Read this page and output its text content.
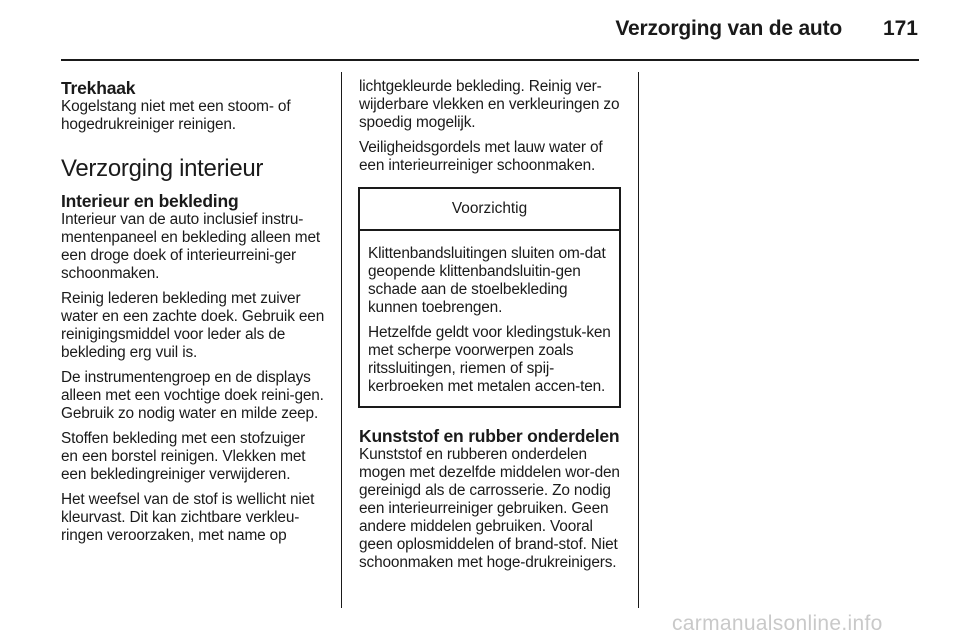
Verzorging van de auto 171
Trekhaak

Kogelstang niet met een stoom- of hogedrukreiniger reinigen.

Verzorging interieur
Interieur en bekleding

Interieur van de auto inclusief instru-mentenpaneel en bekleding alleen met een droge doek of interieurreini-ger schoonmaken.

Reinig lederen bekleding met zuiver water en een zachte doek. Gebruik een reinigingsmiddel voor leder als de bekleding erg vuil is.

De instrumentengroep en de displays alleen met een vochtige doek reini-gen. Gebruik zo nodig water en milde zeep.

Stoffen bekleding met een stofzuiger en een borstel reinigen. Vlekken met een bekledingreiniger verwijderen.

Het weefsel van de stof is wellicht niet kleurvast. Dit kan zichtbare verkleu-ringen veroorzaken, met name op

lichtgekleurde bekleding. Reinig ver-wijderbare vlekken en verkleuringen zo spoedig mogelijk.

Veiligheidsgordels met lauw water of een interieurreiniger schoonmaken.

Voorzichtig

Klittenbandsluitingen sluiten om-dat geopende klittenbandsluitin-gen schade aan de stoelbekleding kunnen toebrengen.

Hetzelfde geldt voor kledingstuk-ken met scherpe voorwerpen zoals ritssluitingen, riemen of spij-kerbroeken met metalen accen-ten.

Kunststof en rubber onderdelen

Kunststof en rubberen onderdelen mogen met dezelfde middelen wor-den gereinigd als de carrosserie. Zo nodig een interieurreiniger gebruiken. Geen andere middelen gebruiken. Vooral geen oplosmiddelen of brand-stof. Niet schoonmaken met hoge-drukreinigers.

carmanualsonline.info
